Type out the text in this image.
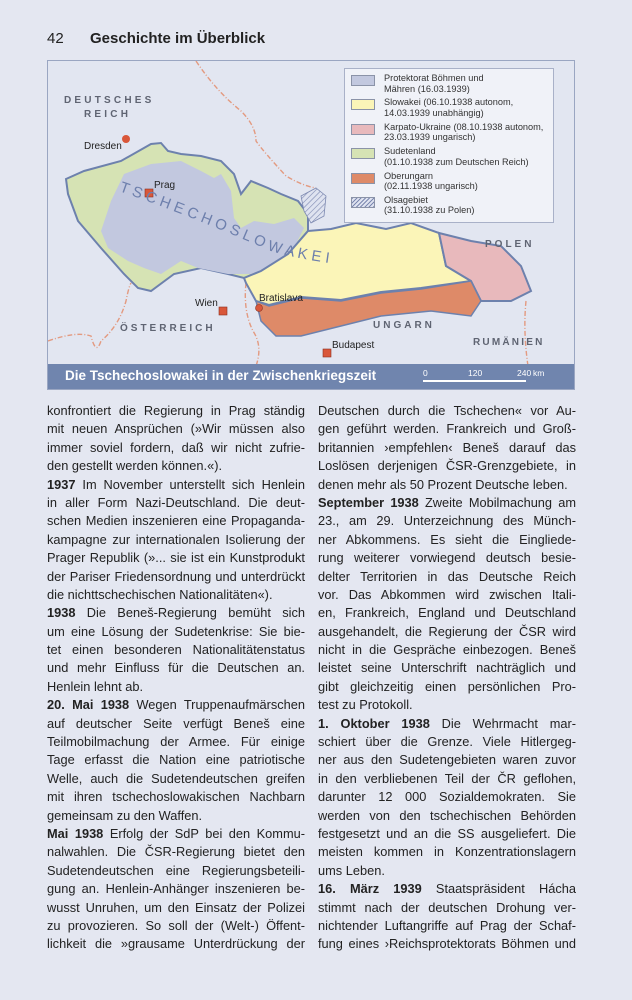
42 Geschichte im Überblick
DEUTSCHES
REICH
Dresden
Prag
T S C H E C H O S L O W A K E I
Wien	Bratislava
ÖSTERREICH	UNGARN
Budapest
POLEN
RUMÄNIEN
Protektorat Böhmen und
Mähren (16.03.1939)
Slowakei (06.10.1938 autonom,
14.03.1939 unabhängig)
Karpato-Ukraine (08.10.1938 autonom,
23.03.1939 ungarisch)
Sudetenland
(01.10.1938 zum Deutschen Reich)
Oberungarn
(02.11.1938 ungarisch)
Olsagebiet
(31.10.1938 zu Polen)
Die Tschechoslowakei in der Zwischenkriegszeit	0	120	240 km
konfrontiert die Regierung in Prag ständig
mit neuen Ansprüchen (»Wir müssen also
immer soviel fordern, daß wir nicht zufrie-
den gestellt werden können.«).
1937 Im November unterstellt sich Henlein
in aller Form Nazi-Deutschland. Die deut-
schen Medien inszenieren eine Propaganda-
kampagne zur internationalen Isolierung der
Prager Republik (»... sie ist ein Kunstprodukt
der Pariser Friedensordnung und unterdrückt
die nichttschechischen Nationalitäten«).
1938 Die Beneš-Regierung bemüht sich
um eine Lösung der Sudetenkrise: Sie bie-
tet einen besonderen Nationalitätenstatus
und mehr Einfluss für die Deutschen an.
Henlein lehnt ab.
20. Mai 1938 Wegen Truppenaufmärschen
auf deutscher Seite verfügt Beneš eine
Teilmobilmachung der Armee. Für einige
Tage erfasst die Nation eine patriotische
Welle, auch die Sudetendeutschen greifen
mit ihren tschechoslowakischen Nachbarn
gemeinsam zu den Waffen.
Mai 1938 Erfolg der SdP bei den Kommu-
nalwahlen. Die ČSR-Regierung bietet den
Sudetendeutschen eine Regierungsbeteili-
gung an. Henlein-Anhänger inszenieren be-
wusst Unruhen, um den Einsatz der Polizei
zu provozieren. So soll der (Welt-) Öffent-
lichkeit die »grausame Unterdrückung der
Deutschen durch die Tschechen« vor Au-
gen geführt werden. Frankreich und Groß-
britannien ›empfehlen‹ Beneš darauf das
Loslösen derjenigen ČSR-Grenzgebiete, in
denen mehr als 50 Prozent Deutsche leben.
September 1938 Zweite Mobilmachung am
23., am 29. Unterzeichnung des Münch-
ner Abkommens. Es sieht die Eingliede-
rung weiterer vorwiegend deutsch besie-
delter Territorien in das Deutsche Reich
vor. Das Abkommen wird zwischen Itali-
en, Frankreich, England und Deutschland
ausgehandelt, die Regierung der ČSR wird
nicht in die Gespräche einbezogen. Beneš
leistet seine Unterschrift nachträglich und
gibt gleichzeitig einen persönlichen Pro-
test zu Protokoll.
1. Oktober 1938 Die Wehrmacht mar-
schiert über die Grenze. Viele Hitlergeg-
ner aus den Sudetengebieten waren zuvor
in den verbliebenen Teil der ČR geflohen,
darunter 12 000 Sozialdemokraten. Sie
werden von den tschechischen Behörden
festgesetzt und an die SS ausgeliefert. Die
meisten kommen in Konzentrationslagern
ums Leben.
16. März 1939 Staatspräsident Hácha
stimmt nach der deutschen Drohung ver-
nichtender Luftangriffe auf Prag der Schaf-
fung eines ›Reichsprotektorats Böhmen und
